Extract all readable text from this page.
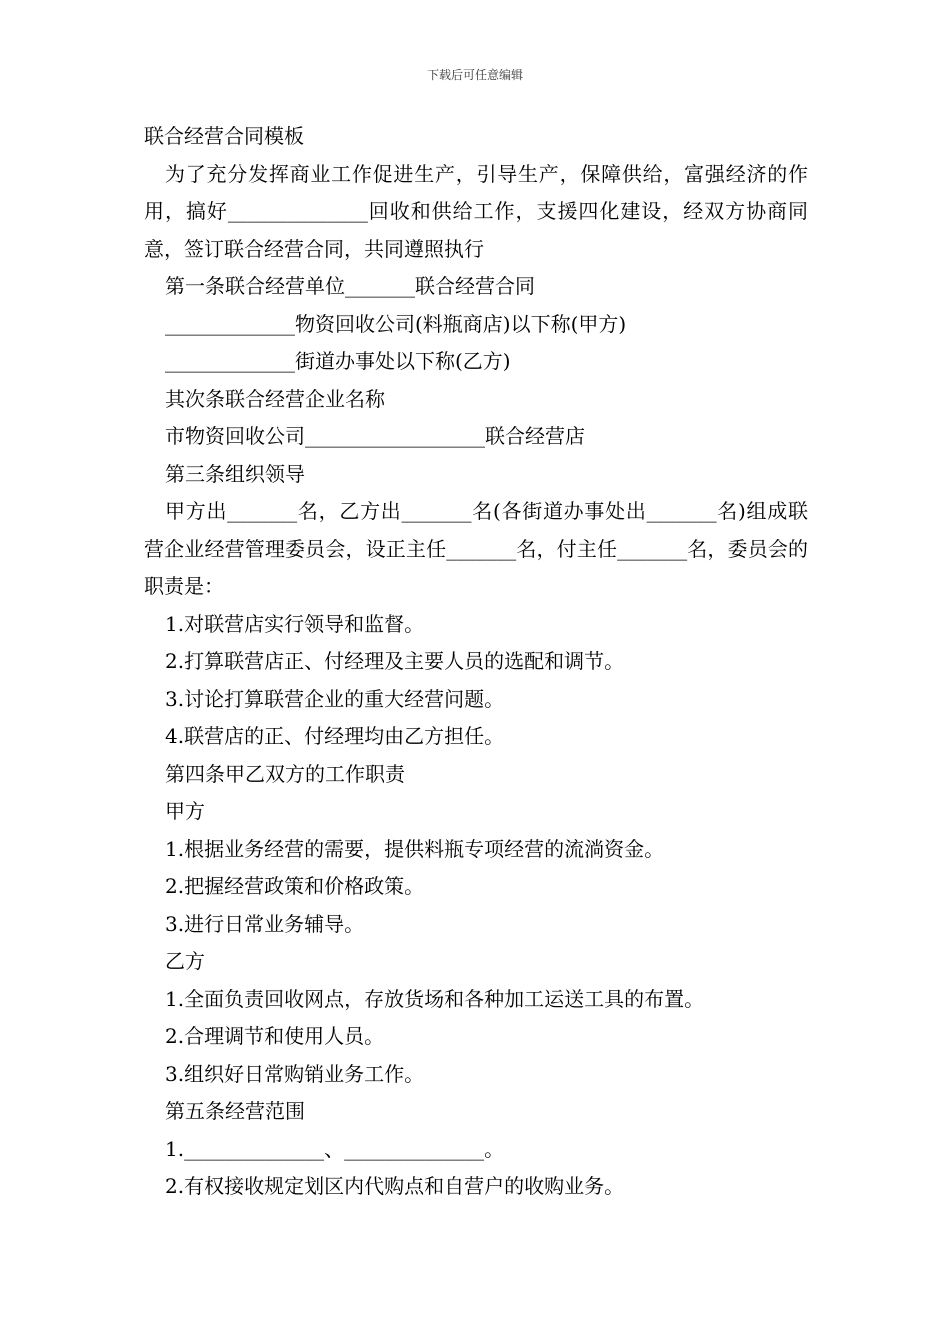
下载后可任意编辑

联合经营合同模板

为了充分发挥商业工作促进生产，引导生产，保障供给，富强经济的作用，搞好______________回收和供给工作，支援四化建设，经双方协商同意，签订联合经营合同，共同遵照执行

第一条联合经营单位_______联合经营合同

_____________物资回收公司(料瓶商店)以下称(甲方)

_____________街道办事处以下称(乙方)

其次条联合经营企业名称

市物资回收公司__________________联合经营店

第三条组织领导

甲方出_______名，乙方出_______名(各街道办事处出_______名)组成联营企业经营管理委员会，设正主任_______名，付主任_______名，委员会的职责是：

1.对联营店实行领导和监督。

2.打算联营店正、付经理及主要人员的选配和调节。

3.讨论打算联营企业的重大经营问题。

4.联营店的正、付经理均由乙方担任。

第四条甲乙双方的工作职责

甲方

1.根据业务经营的需要，提供料瓶专项经营的流淌资金。

2.把握经营政策和价格政策。

3.进行日常业务辅导。

乙方

1.全面负责回收网点，存放货场和各种加工运送工具的布置。

2.合理调节和使用人员。

3.组织好日常购销业务工作。

第五条经营范围

1.______________、______________。

2.有权接收规定划区内代购点和自营户的收购业务。
